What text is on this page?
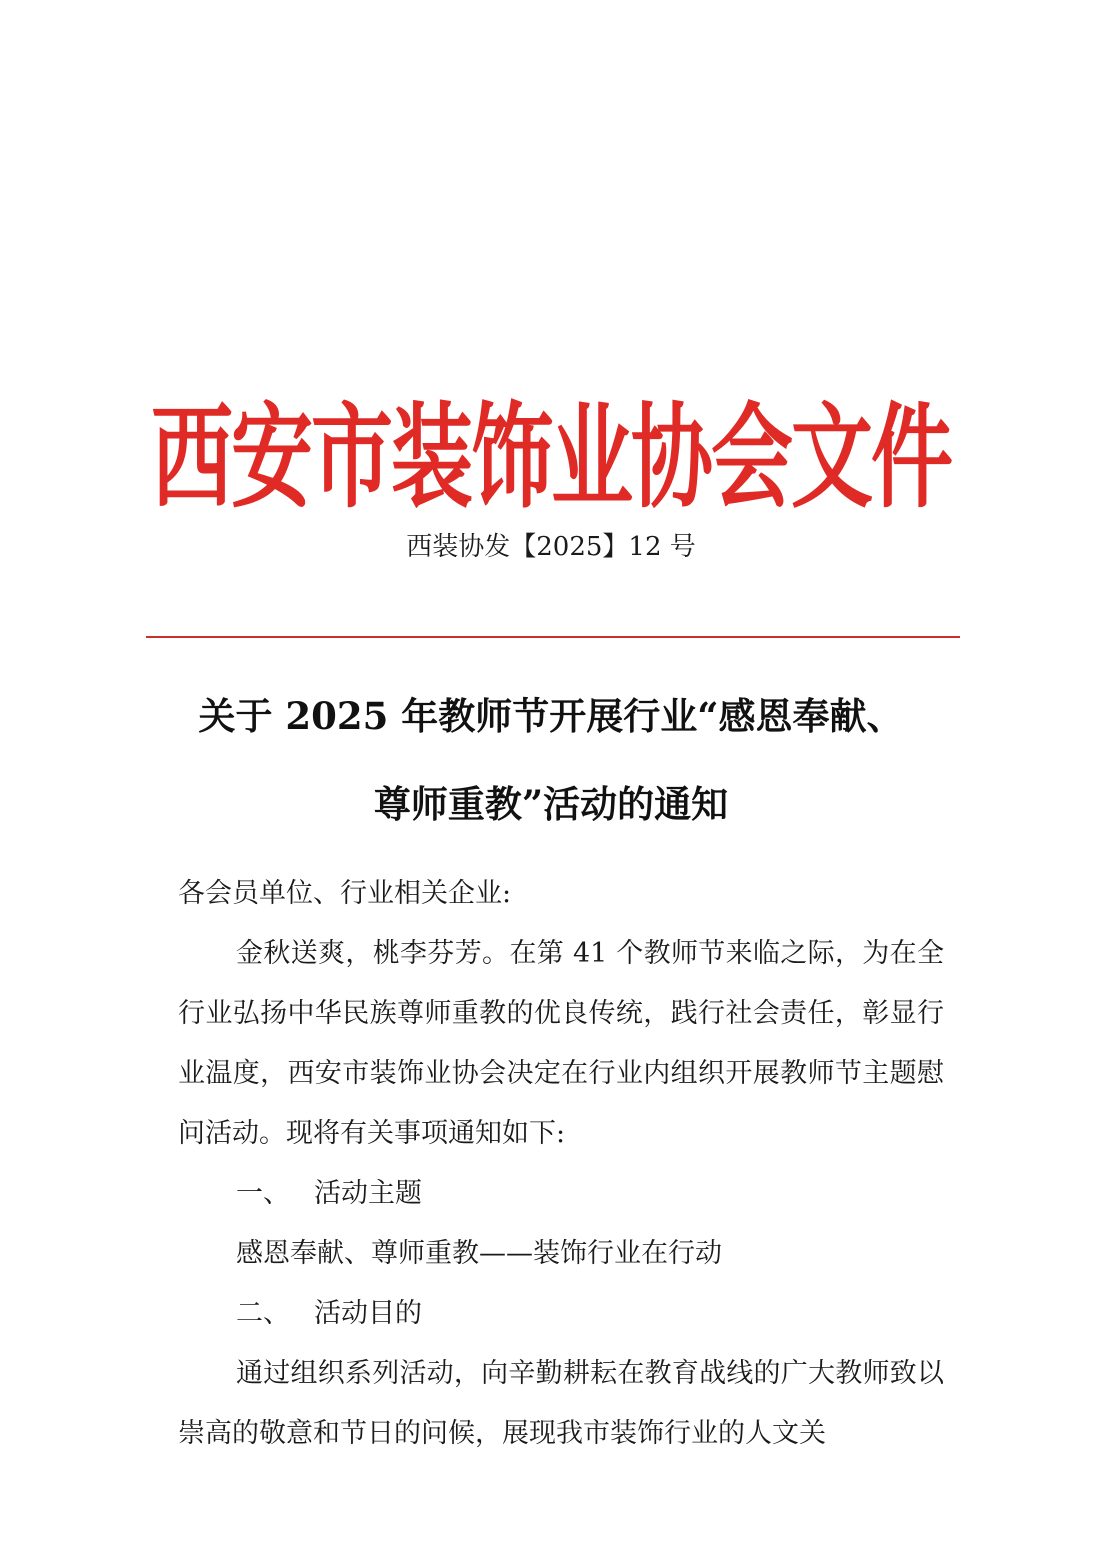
西安市装饰业协会文件
西装协发【2025】12 号
关于 2025 年教师节开展行业“感恩奉献、
尊师重教”活动的通知

各会员单位、行业相关企业:

金秋送爽，桃李芬芳。在第 41 个教师节来临之际，为在全行业弘扬中华民族尊师重教的优良传统，践行社会责任，彰显行业温度，西安市装饰业协会决定在行业内组织开展教师节主题慰问活动。现将有关事项通知如下:

一、 活动主题

感恩奉献、尊师重教——装饰行业在行动

二、 活动目的

通过组织系列活动，向辛勤耕耘在教育战线的广大教师致以崇高的敬意和节日的问候，展现我市装饰行业的人文关
